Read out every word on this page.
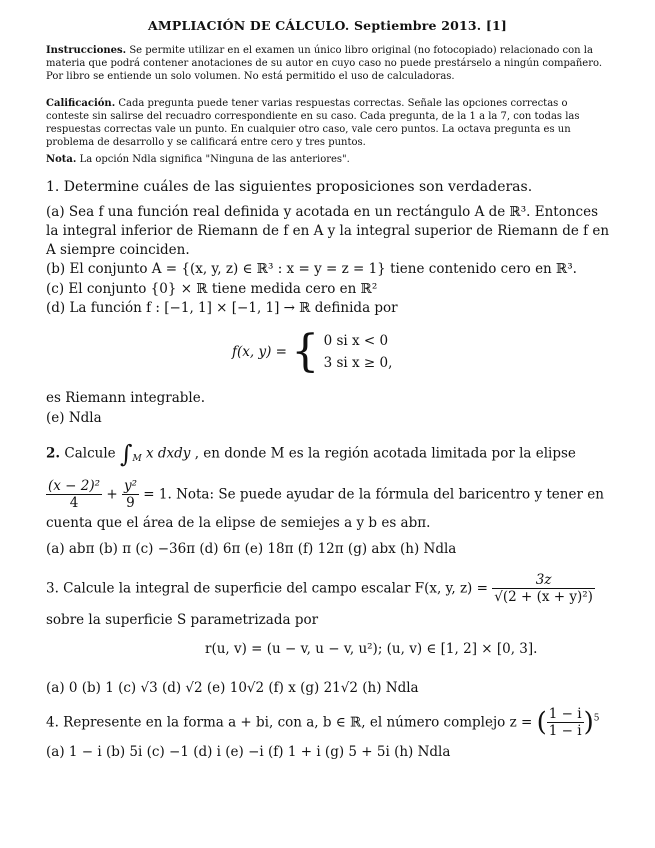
AMPLIACIÓN DE CÁLCULO. Septiembre 2013. [1]
Instrucciones. Se permite utilizar en el examen un único libro original (no fotocopiado) relacionado con la materia que podrá contener anotaciones de su autor en cuyo caso no puede prestárselo a ningún compañero. Por libro se entiende un solo volumen. No está permitido el uso de calculadoras.
Calificación. Cada pregunta puede tener varias respuestas correctas. Señale las opciones correctas o conteste sin salirse del recuadro correspondiente en su caso. Cada pregunta, de la 1 a la 7, con todas las respuestas correctas vale un punto. En cualquier otro caso, vale cero puntos. La octava pregunta es un problema de desarrollo y se calificará entre cero y tres puntos.
Nota. La opción Ndla significa "Ninguna de las anteriores".
1. Determine cuáles de las siguientes proposiciones son verdaderas.
(a) Sea f una función real definida y acotada en un rectángulo A de ℝ³. Entonces la integral inferior de Riemann de f en A y la integral superior de Riemann de f en A siempre coinciden.
(b) El conjunto A = {(x, y, z) ∈ ℝ³ : x = y = z = 1} tiene contenido cero en ℝ³.
(c) El conjunto {0} × ℝ tiene medida cero en ℝ²
(d) La función f : [−1, 1] × [−1, 1] → ℝ definida por
f(x, y) = { 0 si x < 0
3 si x ≥ 0,
es Riemann integrable.
(e) Ndla
2. Calcule $\int_M$ x dxdy , en donde M es la región acotada limitada por la elipse
$\frac{\text{(x − 2)²}}{4} + \frac{\text{y²}}{9} = 1$. Nota: Se puede ayudar de la fórmula del baricentro y tener en
cuenta que el área de la elipse de semiejes a y b es abπ.
(a) abπ (b) π (c) −36π (d) 6π (e) 18π (f) 12π (g) abx (h) Ndla
3. Calcule la integral de superficie del campo escalar F(x, y, $z) = \frac{3z}{\text{√(2 + (x + y)²)}}$
sobre la superficie S parametrizada por
r(u, v) = (u − v, u − v, u²); (u, v) ∈ [1, 2] × [0, 3].
(a) 0 (b) 1 (c) √3 (d) √2 (e) 10√2 (f) x (g) 21√2 (h) Ndla
4. Represente en la forma a + bi, con a, b ∈ ℝ, el número complejo z = ( $\frac{1 - i}{1 - i} )^5$
(a) 1 − i (b) 5i (c) −1 (d) i (e) −i (f) 1 + i (g) 5 + 5i (h) Ndla
